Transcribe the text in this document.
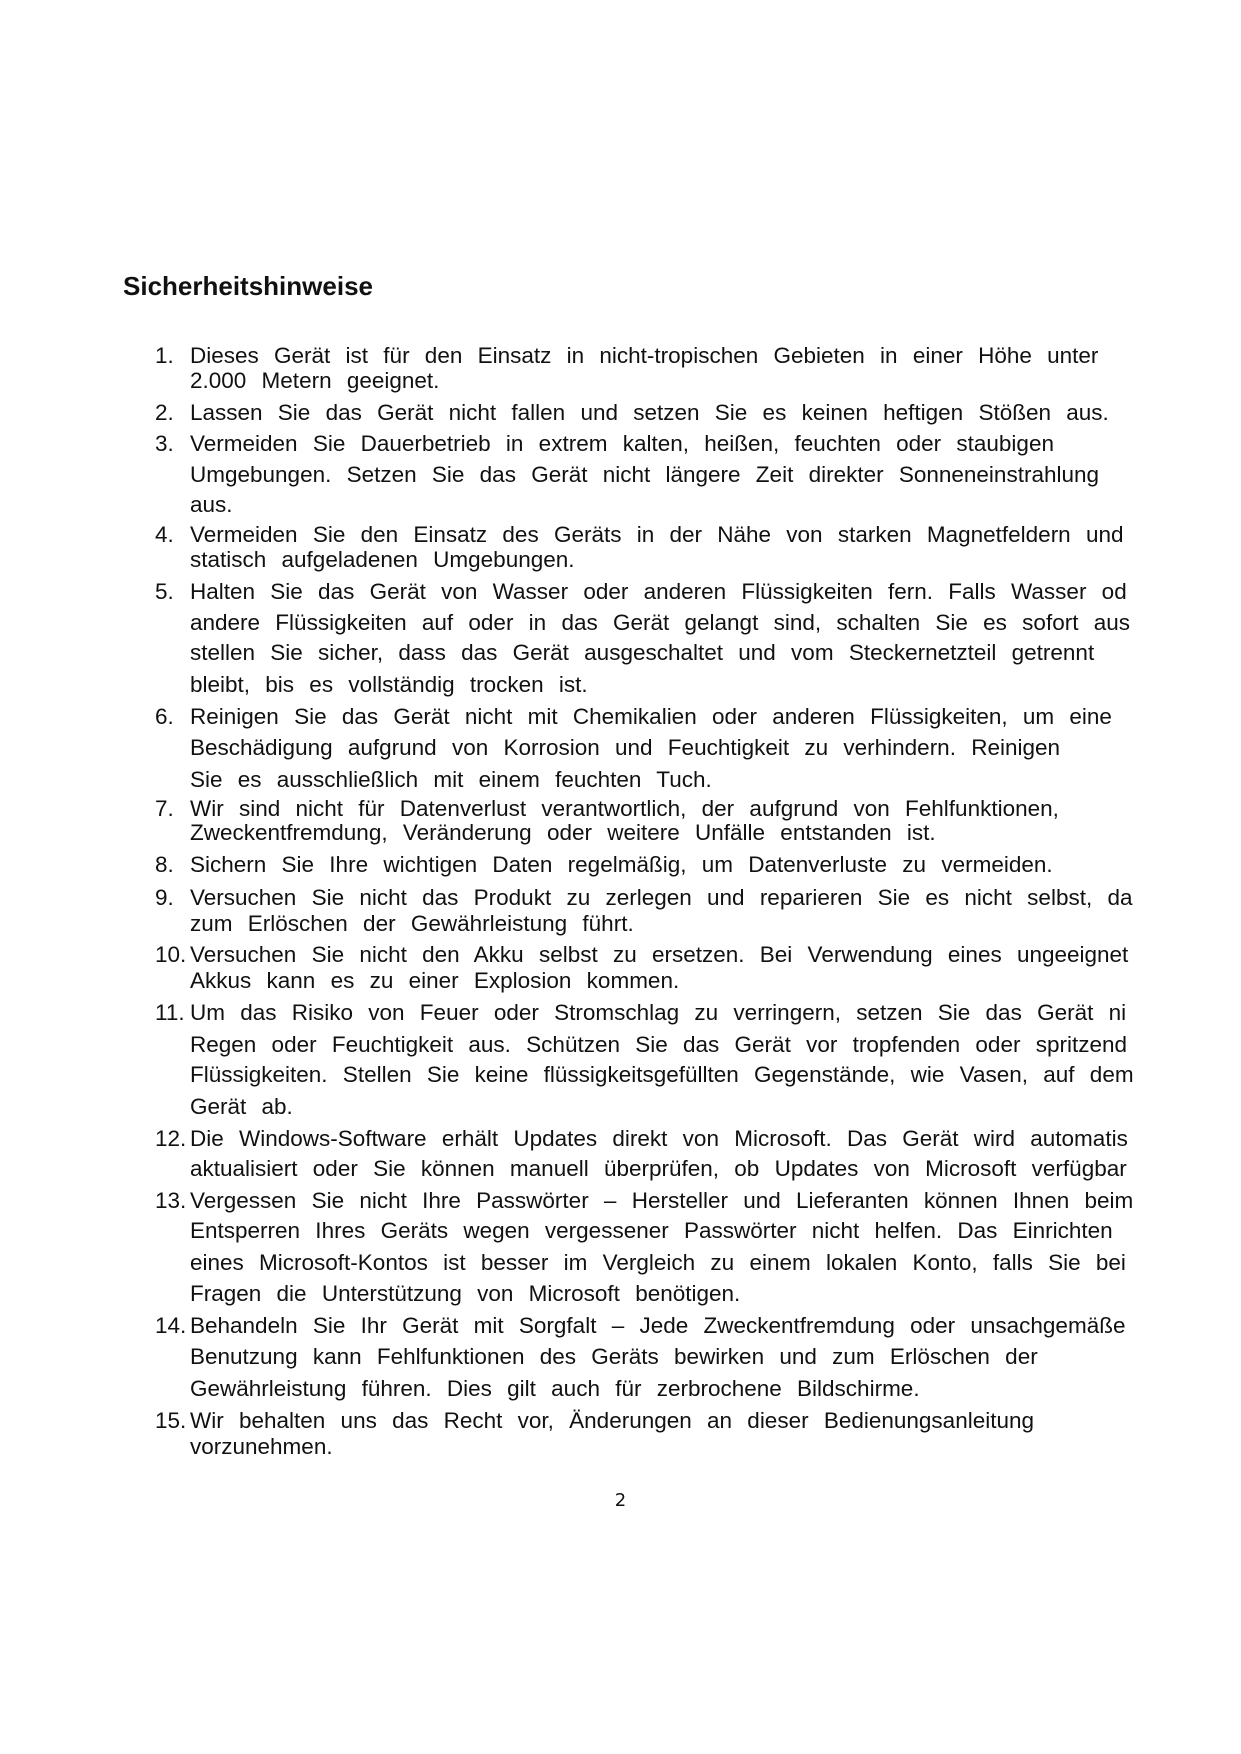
Sicherheitshinweise
1. Dieses Gerät ist für den Einsatz in nicht-tropischen Gebieten in einer Höhe unter
2.000 Metern geeignet.
2. Lassen Sie das Gerät nicht fallen und setzen Sie es keinen heftigen Stößen aus.
3. Vermeiden Sie Dauerbetrieb in extrem kalten, heißen, feuchten oder staubigen
Umgebungen. Setzen Sie das Gerät nicht längere Zeit direkter Sonneneinstrahlung
aus.
4. Vermeiden Sie den Einsatz des Geräts in der Nähe von starken Magnetfeldern und
statisch aufgeladenen Umgebungen.
5. Halten Sie das Gerät von Wasser oder anderen Flüssigkeiten fern. Falls Wasser od
andere Flüssigkeiten auf oder in das Gerät gelangt sind, schalten Sie es sofort aus
stellen Sie sicher, dass das Gerät ausgeschaltet und vom Steckernetzteil getrennt
bleibt, bis es vollständig trocken ist.
6. Reinigen Sie das Gerät nicht mit Chemikalien oder anderen Flüssigkeiten, um eine
Beschädigung aufgrund von Korrosion und Feuchtigkeit zu verhindern. Reinigen
Sie es ausschließlich mit einem feuchten Tuch.
7. Wir sind nicht für Datenverlust verantwortlich, der aufgrund von Fehlfunktionen,
Zweckentfremdung, Veränderung oder weitere Unfälle entstanden ist.
8. Sichern Sie Ihre wichtigen Daten regelmäßig, um Datenverluste zu vermeiden.
9. Versuchen Sie nicht das Produkt zu zerlegen und reparieren Sie es nicht selbst, da
zum Erlöschen der Gewährleistung führt.
10. Versuchen Sie nicht den Akku selbst zu ersetzen. Bei Verwendung eines ungeeignet
Akkus kann es zu einer Explosion kommen.
11. Um das Risiko von Feuer oder Stromschlag zu verringern, setzen Sie das Gerät ni
Regen oder Feuchtigkeit aus. Schützen Sie das Gerät vor tropfenden oder spritzend
Flüssigkeiten. Stellen Sie keine flüssigkeitsgefüllten Gegenstände, wie Vasen, auf dem
Gerät ab.
12. Die Windows-Software erhält Updates direkt von Microsoft. Das Gerät wird automatis
aktualisiert oder Sie können manuell überprüfen, ob Updates von Microsoft verfügbar
13. Vergessen Sie nicht Ihre Passwörter – Hersteller und Lieferanten können Ihnen beim
Entsperren Ihres Geräts wegen vergessener Passwörter nicht helfen. Das Einrichten
eines Microsoft-Kontos ist besser im Vergleich zu einem lokalen Konto, falls Sie bei
Fragen die Unterstützung von Microsoft benötigen.
14. Behandeln Sie Ihr Gerät mit Sorgfalt – Jede Zweckentfremdung oder unsachgemäße
Benutzung kann Fehlfunktionen des Geräts bewirken und zum Erlöschen der
Gewährleistung führen. Dies gilt auch für zerbrochene Bildschirme.
15. Wir behalten uns das Recht vor, Änderungen an dieser Bedienungsanleitung
vorzunehmen.
2
